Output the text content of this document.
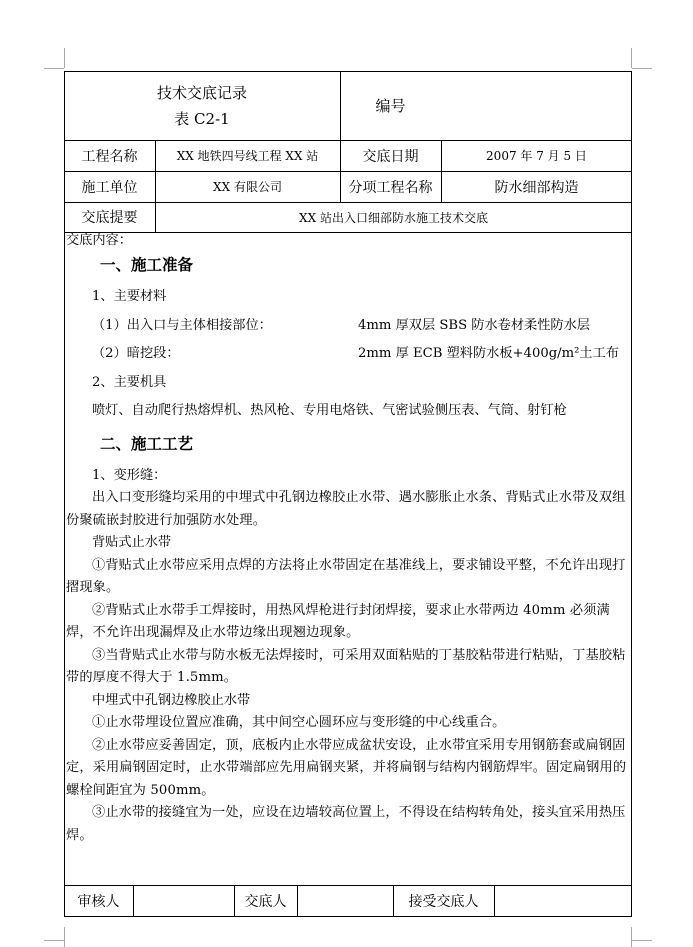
技术交底记录
表 C2-1
编号
工程名称	XX 地铁四号线工程 XX 站	交底日期	2007 年 7 月 5 日
施工单位	XX 有限公司	分项工程名称	防水细部构造
交底提要	XX 站出入口细部防水施工技术交底
交底内容：
一、施工准备
1、主要材料
（1）出入口与主体相接部位：	4mm 厚双层 SBS 防水卷材柔性防水层
（2）暗挖段：	2mm 厚 ECB 塑料防水板+400g/m²土工布
2、主要机具
喷灯、自动爬行热熔焊机、热风枪、专用电烙铁、气密试验侧压表、气筒、射钉枪
二、施工工艺
1、变形缝：
出入口变形缝均采用的中埋式中孔钢边橡胶止水带、遇水膨胀止水条、背贴式止水带及双组份聚硫嵌封胶进行加强防水处理。
背贴式止水带
①背贴式止水带应采用点焊的方法将止水带固定在基准线上，要求铺设平整，不允许出现打摺现象。
②背贴式止水带手工焊接时，用热风焊枪进行封闭焊接，要求止水带两边 40mm 必须满焊，不允许出现漏焊及止水带边缘出现翘边现象。
③当背贴式止水带与防水板无法焊接时，可采用双面粘贴的丁基胶粘带进行粘贴，丁基胶粘带的厚度不得大于 1.5mm。
中埋式中孔钢边橡胶止水带
①止水带埋设位置应准确，其中间空心圆环应与变形缝的中心线重合。
②止水带应妥善固定，顶，底板内止水带应成盆状安设，止水带宜采用专用钢筋套或扁钢固定，采用扁钢固定时，止水带端部应先用扁钢夹紧，并将扁钢与结构内钢筋焊牢。固定扁钢用的螺栓间距宜为 500mm。
③止水带的接缝宜为一处，应设在边墙较高位置上，不得设在结构转角处，接头宜采用热压焊。
审核人	交底人	接受交底人
